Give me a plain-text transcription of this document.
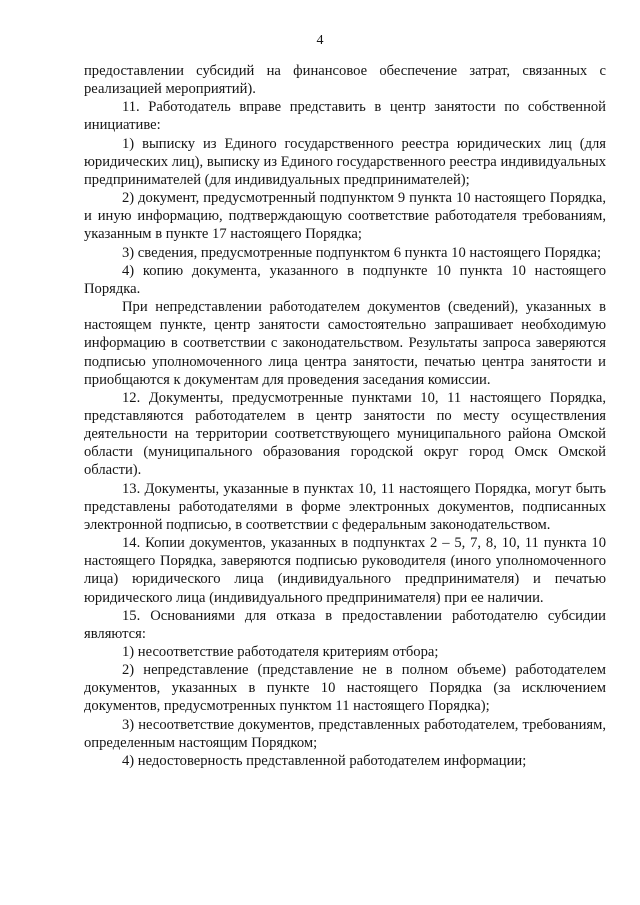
4

предоставлении субсидий на финансовое обеспечение затрат, связанных с реализацией мероприятий).

11. Работодатель вправе представить в центр занятости по собственной инициативе:

1) выписку из Единого государственного реестра юридических лиц (для юридических лиц), выписку из Единого государственного реестра индивидуальных предпринимателей (для индивидуальных предпринимателей);

2) документ, предусмотренный подпунктом 9 пункта 10 настоящего Порядка, и иную информацию, подтверждающую соответствие работодателя требованиям, указанным в пункте 17 настоящего Порядка;

3) сведения, предусмотренные подпунктом 6 пункта 10 настоящего Порядка;

4) копию документа, указанного в подпункте 10 пункта 10 настоящего Порядка.

При непредставлении работодателем документов (сведений), указанных в настоящем пункте, центр занятости самостоятельно запрашивает необходимую информацию в соответствии с законодательством. Результаты запроса заверяются подписью уполномоченного лица центра занятости, печатью центра занятости и приобщаются к документам для проведения заседания комиссии.

12. Документы, предусмотренные пунктами 10, 11 настоящего Порядка, представляются работодателем в центр занятости по месту осуществления деятельности на территории соответствующего муниципального района Омской области (муниципального образования городской округ город Омск Омской области).

13. Документы, указанные в пунктах 10, 11 настоящего Порядка, могут быть представлены работодателями в форме электронных документов, подписанных электронной подписью, в соответствии с федеральным законодательством.

14. Копии документов, указанных в подпунктах 2 – 5, 7, 8, 10, 11 пункта 10 настоящего Порядка, заверяются подписью руководителя (иного уполномоченного лица) юридического лица (индивидуального предпринимателя) и печатью юридического лица (индивидуального предпринимателя) при ее наличии.

15. Основаниями для отказа в предоставлении работодателю субсидии являются:

1) несоответствие работодателя критериям отбора;

2) непредставление (представление не в полном объеме) работодателем документов, указанных в пункте 10 настоящего Порядка (за исключением документов, предусмотренных пунктом 11 настоящего Порядка);

3) несоответствие документов, представленных работодателем, требованиям, определенным настоящим Порядком;

4) недостоверность представленной работодателем информации;
